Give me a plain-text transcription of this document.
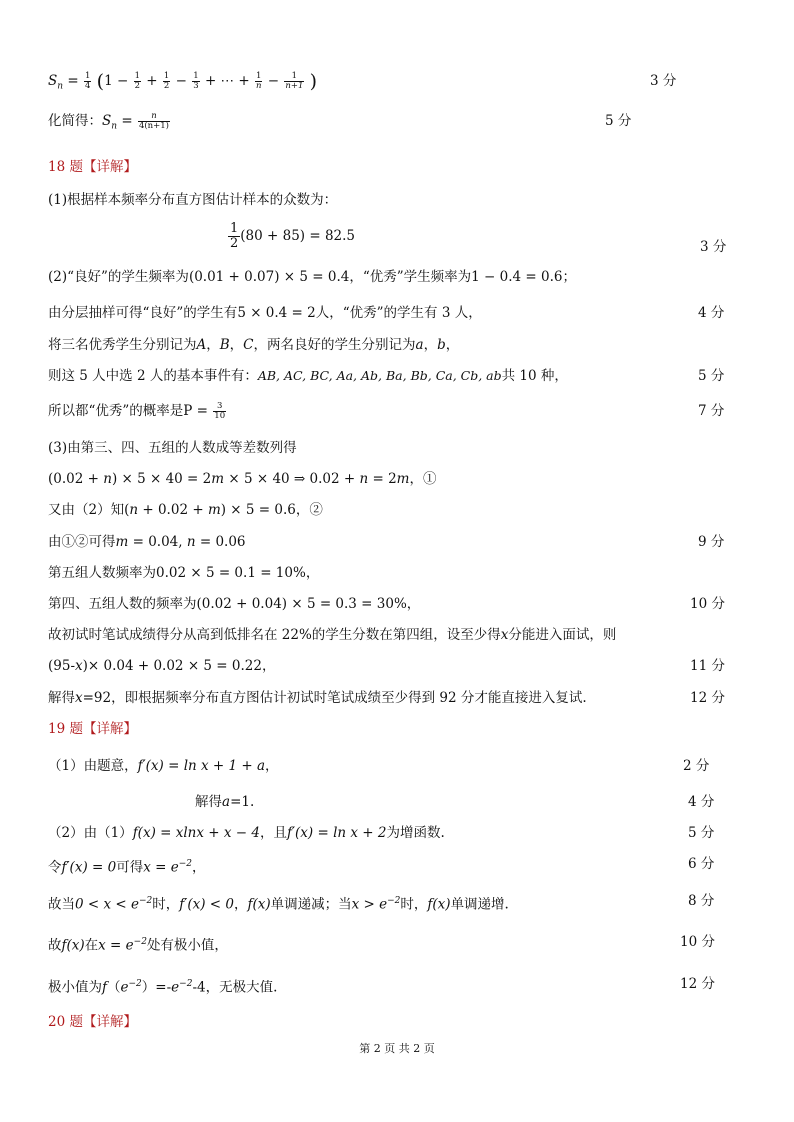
$S_n = \frac{1}{4} (1 - \frac{1}{2} + \frac{1}{2} - \frac{1}{3}$ + ⋯ + $\frac{1}{n} - \frac{1}{n+1}$ )	3 分
化简得：$S_n = \frac{n}{4(n+1)}$	5 分
18 题【详解】
(1)根据样本频率分布直方图估计样本的众数为：
$\frac{1}{2} (80 + 85) = 82.5$
3 分
(2)“良好”的学生频率为(0.01 + 0.07) × 5 = 0.4，“优秀”学生频率为1 − 0.4 = 0.6；
由分层抽样可得“良好”的学生有5 × 0.4 = 2人，“优秀”的学生有 3 人，	4 分
将三名优秀学生分别记为A，B，C，两名良好的学生分别记为a，b，
则这 5 人中选 2 人的基本事件有：AB, AC, BC, Aa, Ab, Ba, Bb, Ca, Cb, ab共 10 种，	5 分
所以都“优秀”的概率是$P = \frac{3}{10}$	7 分
(3)由第三、四、五组的人数成等差数列得
(0.02 + n) × 5 × 40 = 2m × 5 × 40 ⇒ 0.02 + n = 2m，①
又由（2）知(n + 0.02 + m) × 5 = 0.6，②
由①②可得m = 0.04, n = 0.06	9 分
第五组人数频率为0.02 × 5 = 0.1 = 10%，
第四、五组人数的频率为(0.02 + 0.04) × 5 = 0.3 = 30%，	10 分
故初试时笔试成绩得分从高到低排名在 22%的学生分数在第四组，设至少得x分能进入面试，则
(95-x)× 0.04 + 0.02 × 5 = 0.22，	11 分
解得x=92，即根据频率分布直方图估计初试时笔试成绩至少得到 92 分才能直接进入复试.	12 分
19 题【详解】
（1）由题意，f′(x) = ln x + 1 + a，	2 分
解得a=1.	4 分
（2）由（1）f(x) = xlnx + x − 4，且f′(x) = ln x + 2为增函数.	5 分
令f′(x) = 0可得$x = e^{-2}$，	6 分
故当$0 < x < e^{-2}$时，f′(x) < 0，f(x)单调递减；当$x > e^{-2}$时，f(x)单调递增.	8 分
故f(x)在$x = e^{-2}$处有极小值，	10 分
极小值为$f(e^{-2})=-e^{-2}-4$，无极大值.	12 分
20 题【详解】
第 2 页 共 2 页
